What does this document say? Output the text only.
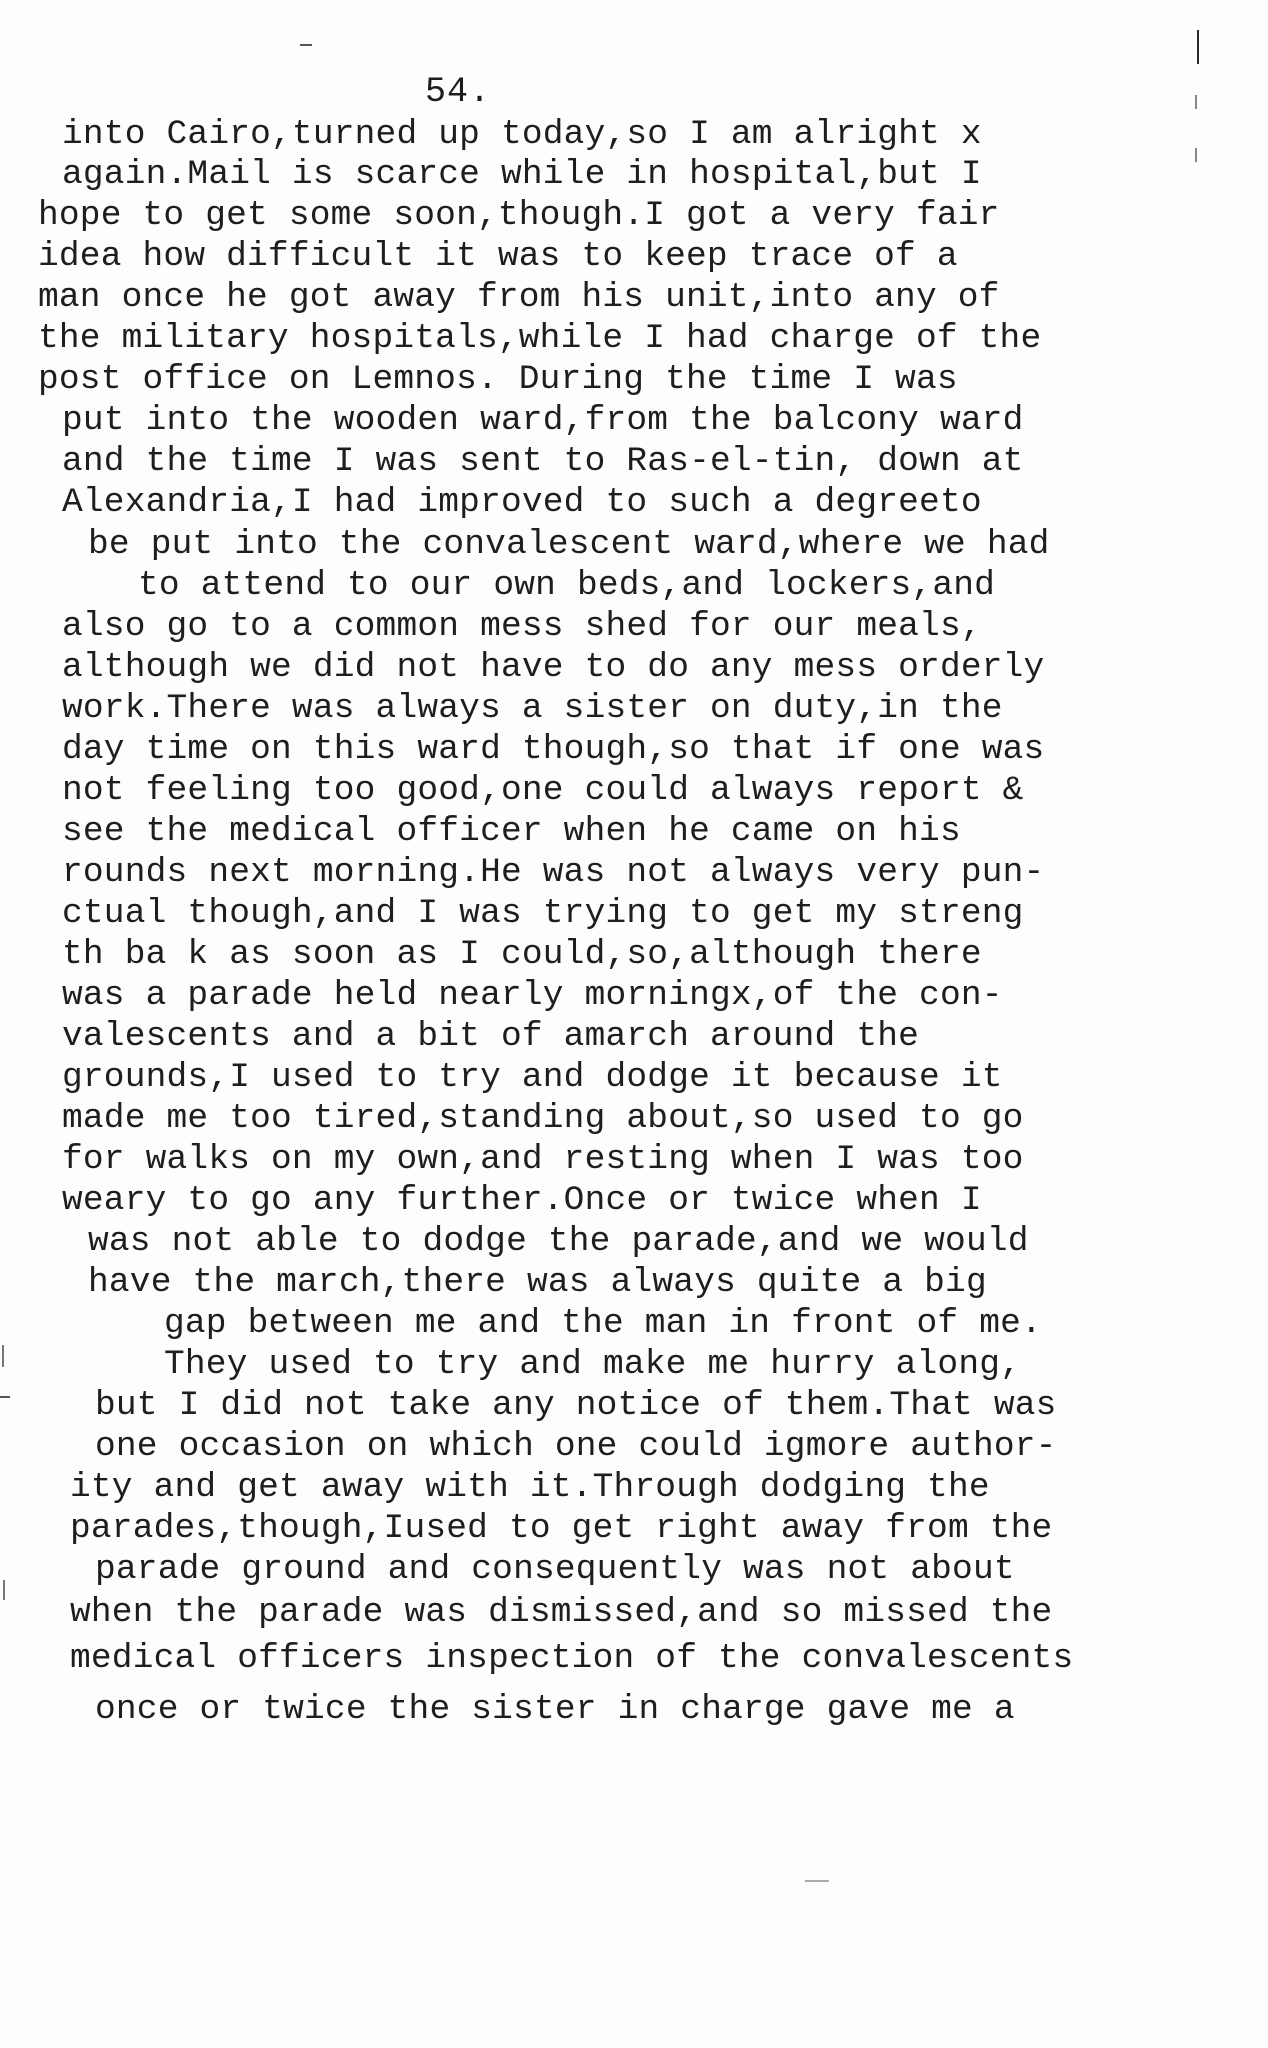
54.
into Cairo,turned up today,so I am alright x
again.Mail is scarce while in hospital,but I
hope to get some soon,though.I got a very fair
idea how difficult it was to keep trace of a
man once he got away from his unit,into any of
the military hospitals,while I had charge of the
post office on Lemnos. During the time I was
put into the wooden ward,from the balcony ward
and the time I was sent to Ras-el-tin, down at
Alexandria,I had improved to such a degreeto
be put into the convalescent ward,where we had
to attend to our own beds,and lockers,and
also go to a common mess shed for our meals,
although we did not have to do any mess orderly
work.There was always a sister on duty,in the
day time on this ward though,so that if one was
not feeling too good,one could always report &
see the medical officer when he came on his
rounds next morning.He was not always very pun-
ctual though,and I was trying to get my streng
th ba k as soon as I could,so,although there
was a parade held nearly morningx,of the con-
valescents and a bit of amarch around the
grounds,I used to try and dodge it because it
made me too tired,standing about,so used to go
for walks on my own,and resting when I was too
weary to go any further.Once or twice when I
was not able to dodge the parade,and we would
have the march,there was always quite a big
gap between me and the man in front of me.
They used to try and make me hurry along,
but I did not take any notice of them.That was
one occasion on which one could igmore author-
ity and get away with it.Through dodging the
parades,though,Iused to get right away from the
parade ground and consequently was not about
when the parade was dismissed,and so missed the
medical officers inspection of the convalescents
once or twice the sister in charge gave me a
